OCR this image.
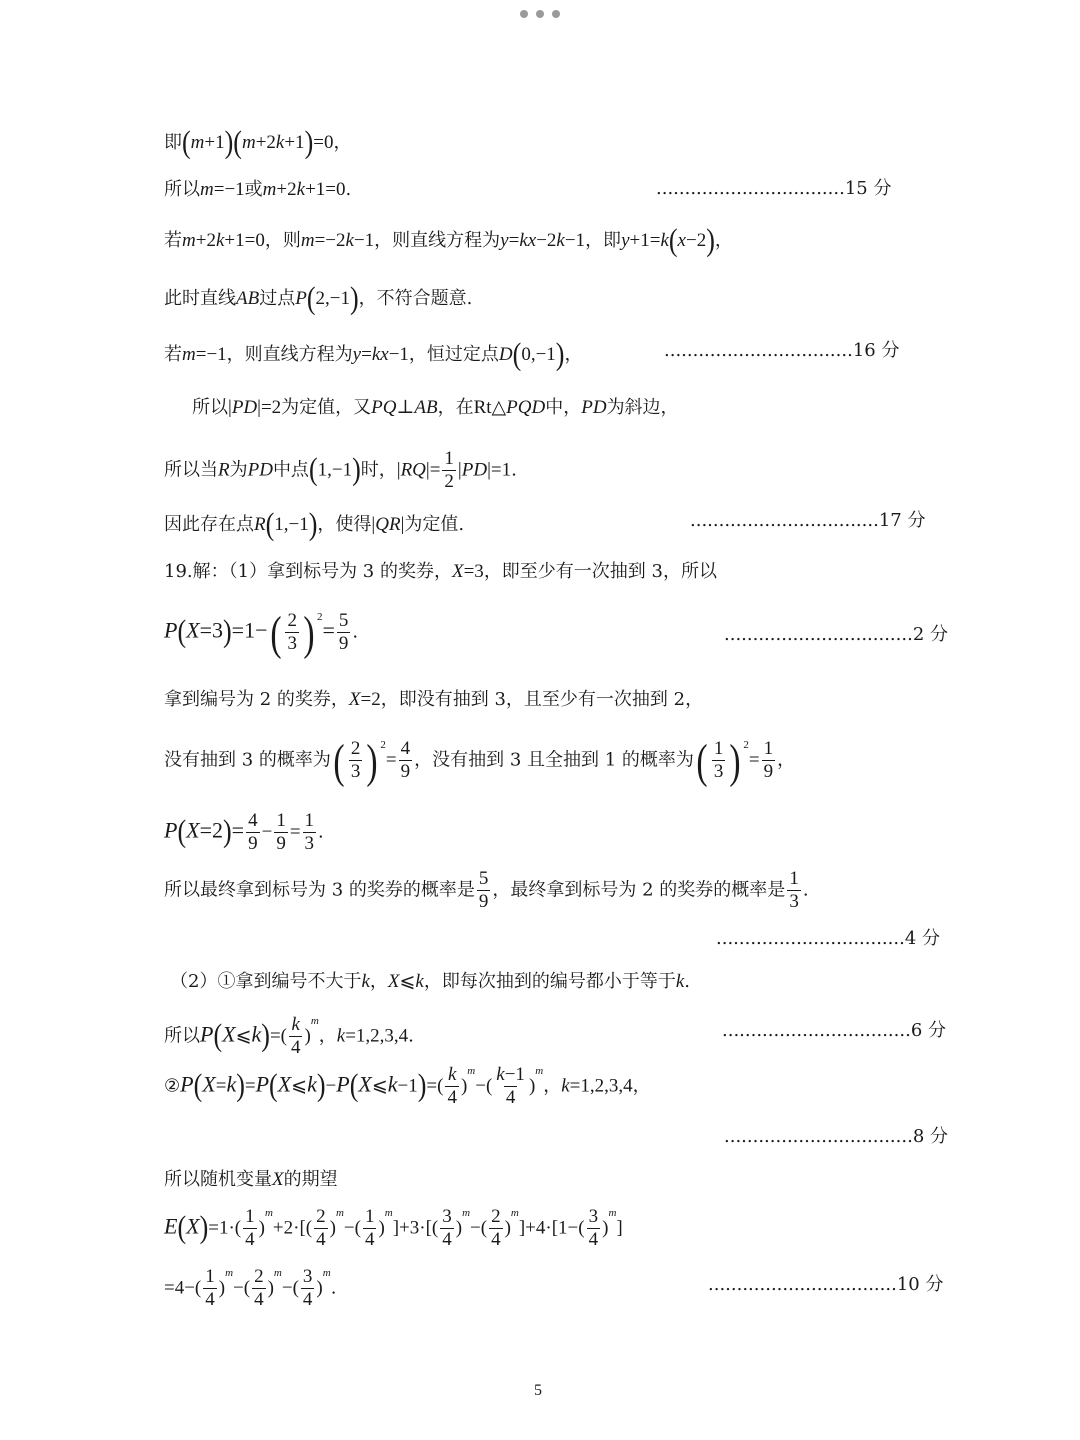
即(m+1)(m+2k+1)=0，
所以m=−1或m+2k+1=0.	.................................15 分
若m+2k+1=0，则m=−2k−1，则直线方程为y=kx−2k−1，即y+1=k(x−2)，
此时直线AB过点P(2,−1)，不符合题意.
若m=−1，则直线方程为y=kx−1，恒过定点D(0,−1)，	.................................16 分
所以|PD|=2为定值，又PQ⊥AB，在Rt△PQD中，PD为斜边，
所以当R为PD中点(1,−1)时，$|RQ|= \frac{1}{2} |PD|=1$.
因此存在点R(1,−1)，使得|QR|为定值.	.................................17 分
19.解：（1）拿到标号为 3 的奖券，X=3，即至少有一次抽到 3，所以
$P(X=3)=1-( \frac{2}{3}$ ) $^2= \frac{5}{9}$ .	.................................2 分
拿到编号为 2 的奖券，X=2，即没有抽到 3，且至少有一次抽到 2，
没有抽到 3 的概率为( $\frac{2}{3}$ ) $^2= \frac{4}{9}$ ，没有抽到 3 且全抽到 1 的概率为( $\frac{1}{3}$ ) $^2= \frac{1}{9}$ ，
$P(X=2)= \frac{4}{9} - \frac{1}{9} = \frac{1}{3}$ .
所以最终拿到标号为 3 的奖券的概率是 $\frac{5}{9}$ ，最终拿到标号为 2 的奖券的概率是 $\frac{1}{3}$ .
.................................4 分
（2）①拿到编号不大于k，X⩽k，即每次抽到的编号都小于等于k.
所以P(X⩽k)=( $\frac{k}{4} )^m$，k=1,2,3,4.	.................................6 分
②P(X=k)=P(X⩽k)−P(X⩽k−1)=( $\frac{k}{4} )^m-( \frac{k-1}{4} )^m$，k=1,2,3,4，
.................................8 分
所以随机变量X的期望
$E(X)=1\cdot( \frac{1}{4} )^m+2\cdot[( \frac{2}{4} )^m-( \frac{1}{4} )^m]+3\cdot[( \frac{3}{4} )^m-( \frac{2}{4} )^m]+4\cdot[1-( \frac{3}{4} )^m]$
$=4-( \frac{1}{4} )^m-( \frac{2}{4} )^m-( \frac{3}{4} )^m$.	.................................10 分
5
